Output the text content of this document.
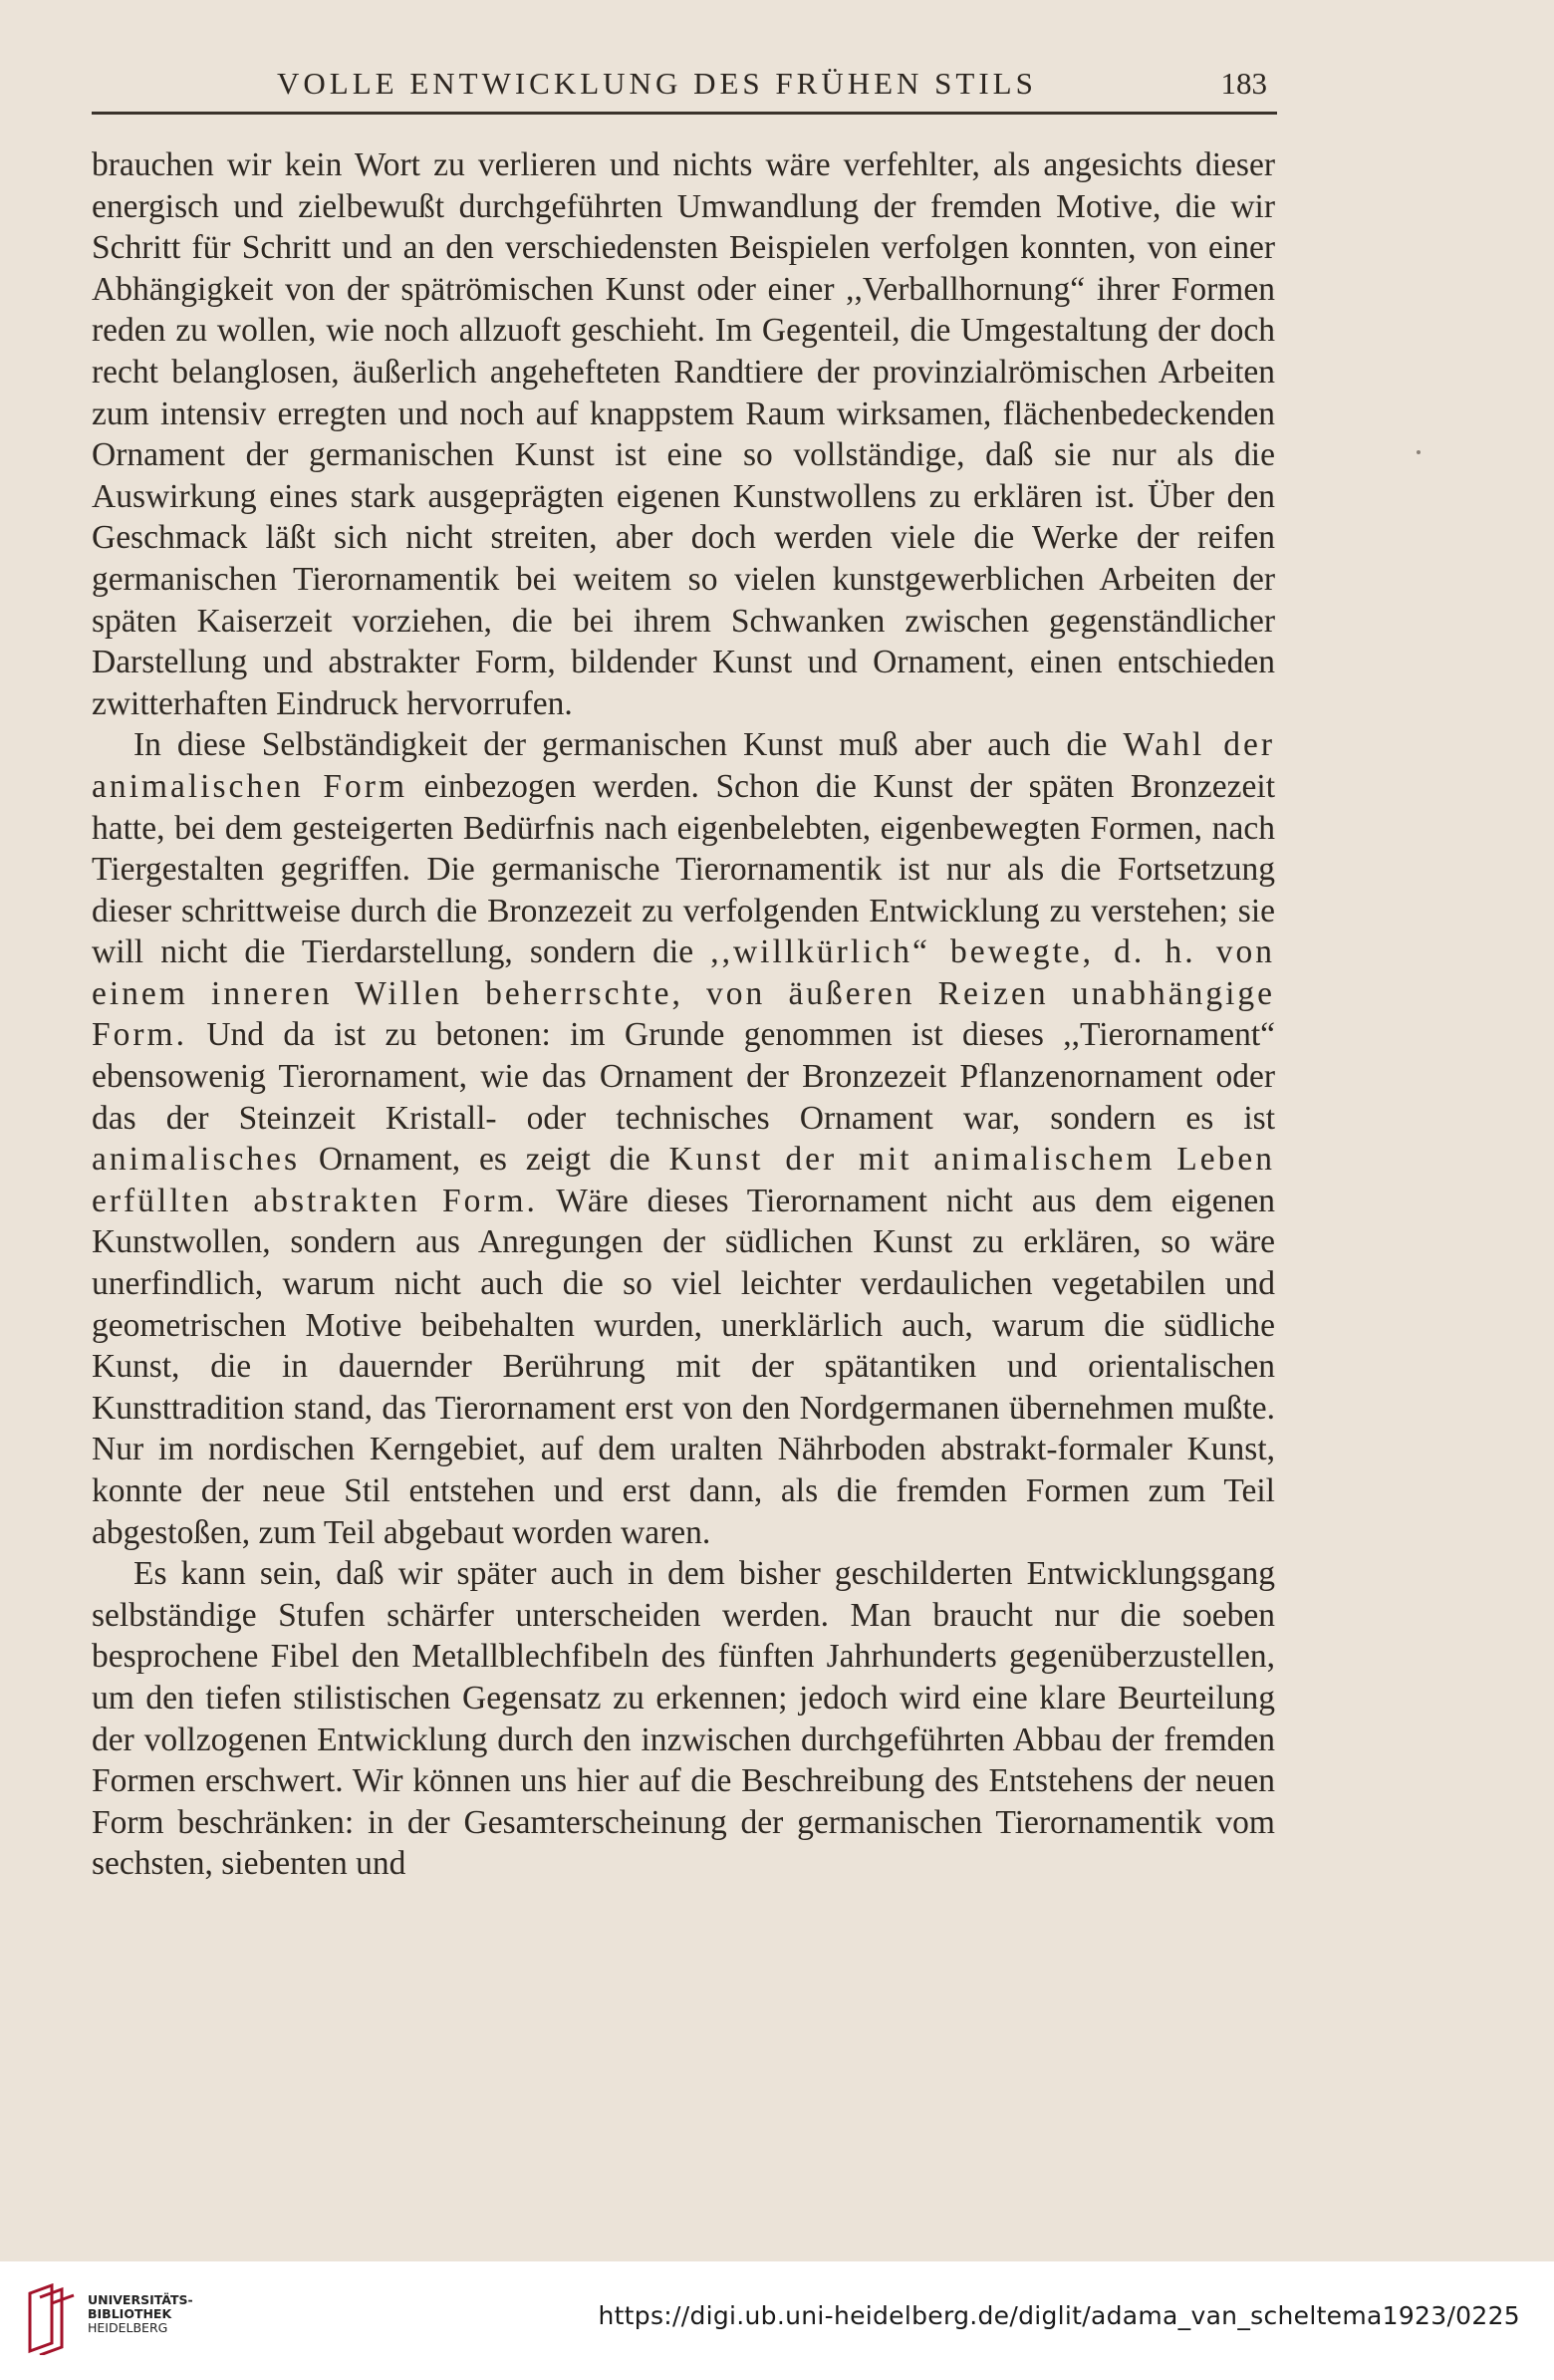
VOLLE ENTWICKLUNG DES FRÜHEN STILS	183

brauchen wir kein Wort zu verlieren und nichts wäre verfehlter, als angesichts dieser energisch und zielbewußt durchgeführten Umwandlung der fremden Motive, die wir Schritt für Schritt und an den verschiedensten Beispielen verfolgen konnten, von einer Abhängigkeit von der spätrömischen Kunst oder einer ,,Verballhornung“ ihrer Formen reden zu wollen, wie noch allzuoft geschieht. Im Gegenteil, die Umgestaltung der doch recht belanglosen, äußerlich angehefteten Randtiere der provinzialrömischen Arbeiten zum intensiv erregten und noch auf knappstem Raum wirksamen, flächenbedeckenden Ornament der germanischen Kunst ist eine so vollständige, daß sie nur als die Auswirkung eines stark ausgeprägten eigenen Kunstwollens zu erklären ist. Über den Geschmack läßt sich nicht streiten, aber doch werden viele die Werke der reifen germanischen Tierornamentik bei weitem so vielen kunstgewerblichen Arbeiten der späten Kaiserzeit vorziehen, die bei ihrem Schwanken zwischen gegenständlicher Darstellung und abstrakter Form, bildender Kunst und Ornament, einen entschieden zwitterhaften Eindruck hervorrufen.

In diese Selbständigkeit der germanischen Kunst muß aber auch die Wahl der animalischen Form einbezogen werden. Schon die Kunst der späten Bronzezeit hatte, bei dem gesteigerten Bedürfnis nach eigenbelebten, eigenbewegten Formen, nach Tiergestalten gegriffen. Die germanische Tierornamentik ist nur als die Fortsetzung dieser schrittweise durch die Bronzezeit zu verfolgenden Entwicklung zu verstehen; sie will nicht die Tierdarstellung, sondern die ,,willkürlich“ bewegte, d. h. von einem inneren Willen beherrschte, von äußeren Reizen unabhängige Form. Und da ist zu betonen: im Grunde genommen ist dieses ,,Tierornament“ ebensowenig Tierornament, wie das Ornament der Bronzezeit Pflanzenornament oder das der Steinzeit Kristall- oder technisches Ornament war, sondern es ist animalisches Ornament, es zeigt die Kunst der mit animalischem Leben erfüllten abstrakten Form. Wäre dieses Tierornament nicht aus dem eigenen Kunstwollen, sondern aus Anregungen der südlichen Kunst zu erklären, so wäre unerfindlich, warum nicht auch die so viel leichter verdaulichen vegetabilen und geometrischen Motive beibehalten wurden, unerklärlich auch, warum die südliche Kunst, die in dauernder Berührung mit der spätantiken und orientalischen Kunsttradition stand, das Tierornament erst von den Nordgermanen übernehmen mußte. Nur im nordischen Kerngebiet, auf dem uralten Nährboden abstrakt-formaler Kunst, konnte der neue Stil entstehen und erst dann, als die fremden Formen zum Teil abgestoßen, zum Teil abgebaut worden waren.

Es kann sein, daß wir später auch in dem bisher geschilderten Entwicklungsgang selbständige Stufen schärfer unterscheiden werden. Man braucht nur die soeben besprochene Fibel den Metallblechfibeln des fünften Jahrhunderts gegenüberzustellen, um den tiefen stilistischen Gegensatz zu erkennen; jedoch wird eine klare Beurteilung der vollzogenen Entwicklung durch den inzwischen durchgeführten Abbau der fremden Formen erschwert. Wir können uns hier auf die Beschreibung des Entstehens der neuen Form beschränken: in der Gesamterscheinung der germanischen Tierornamentik vom sechsten, siebenten und

UNIVERSITÄTS-
BIBLIOTHEK
HEIDELBERG	https://digi.ub.uni-heidelberg.de/diglit/adama_van_scheltema1923/0225
